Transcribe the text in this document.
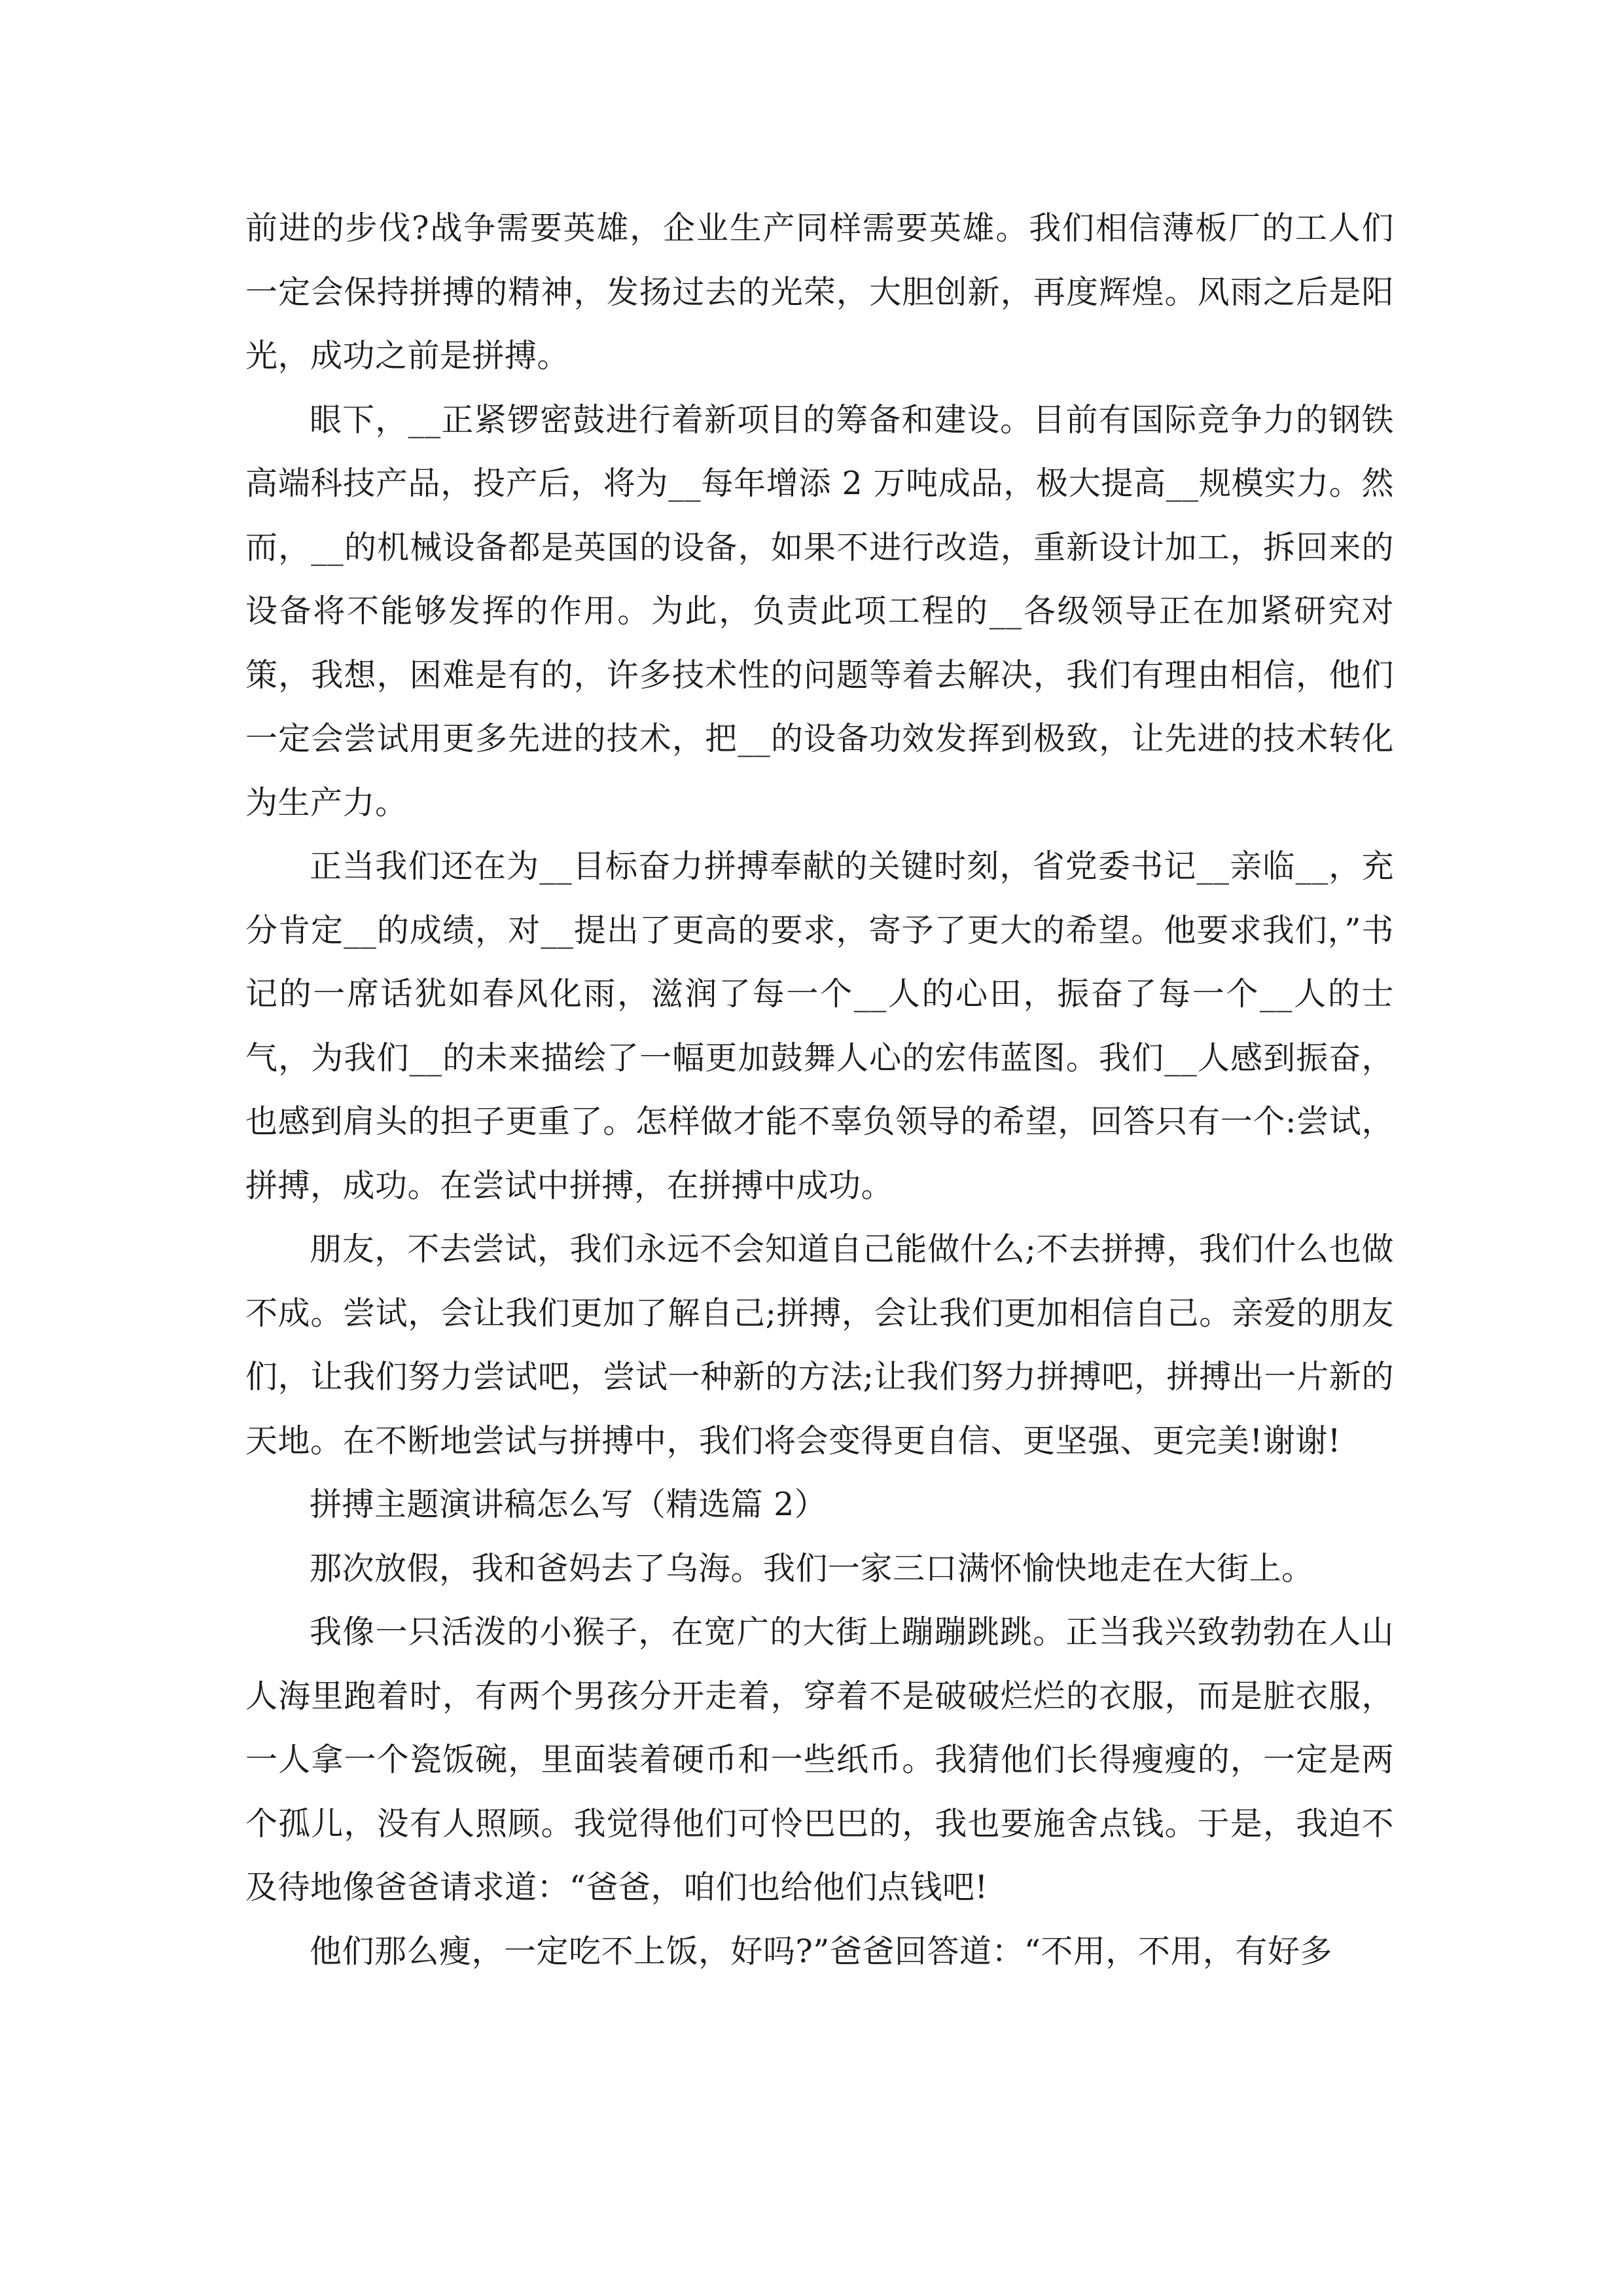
前进的步伐?战争需要英雄，企业生产同样需要英雄。我们相信薄板厂的工人们一定会保持拼搏的精神，发扬过去的光荣，大胆创新，再度辉煌。风雨之后是阳光，成功之前是拼搏。

眼下，__正紧锣密鼓进行着新项目的筹备和建设。目前有国际竞争力的钢铁高端科技产品，投产后，将为__每年增添 2 万吨成品，极大提高__规模实力。然而，__的机械设备都是英国的设备，如果不进行改造，重新设计加工，拆回来的设备将不能够发挥的作用。为此，负责此项工程的__各级领导正在加紧研究对策，我想，困难是有的，许多技术性的问题等着去解决，我们有理由相信，他们一定会尝试用更多先进的技术，把__的设备功效发挥到极致，让先进的技术转化为生产力。

正当我们还在为__目标奋力拼搏奉献的关键时刻，省党委书记__亲临__，充分肯定__的成绩，对__提出了更高的要求，寄予了更大的希望。他要求我们，”书记的一席话犹如春风化雨，滋润了每一个__人的心田，振奋了每一个__人的士气，为我们__的未来描绘了一幅更加鼓舞人心的宏伟蓝图。我们__人感到振奋，也感到肩头的担子更重了。怎样做才能不辜负领导的希望，回答只有一个:尝试，拼搏，成功。在尝试中拼搏，在拼搏中成功。

朋友，不去尝试，我们永远不会知道自己能做什么;不去拼搏，我们什么也做不成。尝试，会让我们更加了解自己;拼搏，会让我们更加相信自己。亲爱的朋友们，让我们努力尝试吧，尝试一种新的方法;让我们努力拼搏吧，拼搏出一片新的天地。在不断地尝试与拼搏中，我们将会变得更自信、更坚强、更完美!谢谢!

拼搏主题演讲稿怎么写（精选篇 2）

那次放假，我和爸妈去了乌海。我们一家三口满怀愉快地走在大街上。

我像一只活泼的小猴子，在宽广的大街上蹦蹦跳跳。正当我兴致勃勃在人山人海里跑着时，有两个男孩分开走着，穿着不是破破烂烂的衣服，而是脏衣服，一人拿一个瓷饭碗，里面装着硬币和一些纸币。我猜他们长得瘦瘦的，一定是两个孤儿，没有人照顾。我觉得他们可怜巴巴的，我也要施舍点钱。于是，我迫不及待地像爸爸请求道：“爸爸，咱们也给他们点钱吧!

他们那么瘦，一定吃不上饭，好吗?”爸爸回答道：“不用，不用，有好多
